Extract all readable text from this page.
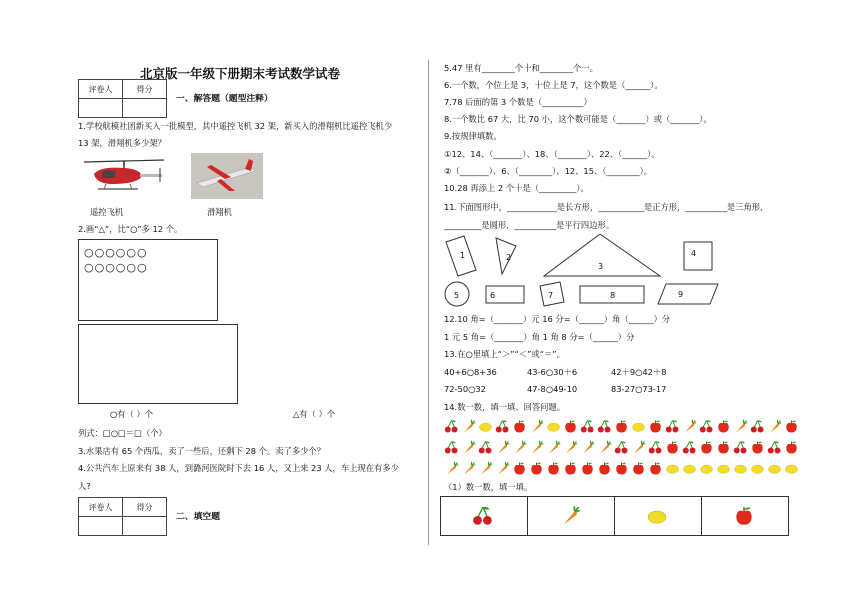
北京版一年级下册期末考试数学试卷
评卷人	得分

一、解答题（题型注释）
1.学校航模社团新买入一批模型，其中遥控飞机 32 架，新买入的滑翔机比遥控飞机少
13 架，滑翔机多少架？
遥控飞机	滑翔机
2.画“△”，比“○”多 12 个。
○○○○○○
○○○○○○
○有（ ）个	△有（ ）个
列式：□○□＝□（个）
3.水果店有 65 个西瓜，卖了一些后，还剩下 28 个。卖了多少个？
4.公共汽车上原来有 38 人，到潞河医院时下去 16 人，又上来 23 人，车上现在有多少
人?
评卷人	得分

二、填空题
5.47 里有________个十和________个一。
6.一个数，个位上是 3，十位上是 7，这个数是（______）。
7.78 后面的第 3 个数是（__________）
8.一个数比 67 大，比 70 小，这个数可能是（_______）或（_______）。
9.按规律填数。
①12、14、（_______）、18、（_______）、22、（______）。
②（_______）、6、（________）、12、15、（________）。
10.28 再添上 2 个十是（_________）。
11.下面图形中，____________是长方形，___________是正方形，__________是三角形，
_________是圆形，__________是平行四边形。
1	2
3
4
5	6	7	8	9
12.10 角=（_______）元 16 分=（______）角（______）分
1 元 5 角=（_______）角 1 角 8 分=（______）分
13.在○里填上“＞”“＜”或“＝”。
40+6○8+36	43-6○30＋6	42＋9○42＋8
72-50○32	47-8○49-10	83-27○73-17
14.数一数，填一填、回答问题。
（1）数一数，填一填。
